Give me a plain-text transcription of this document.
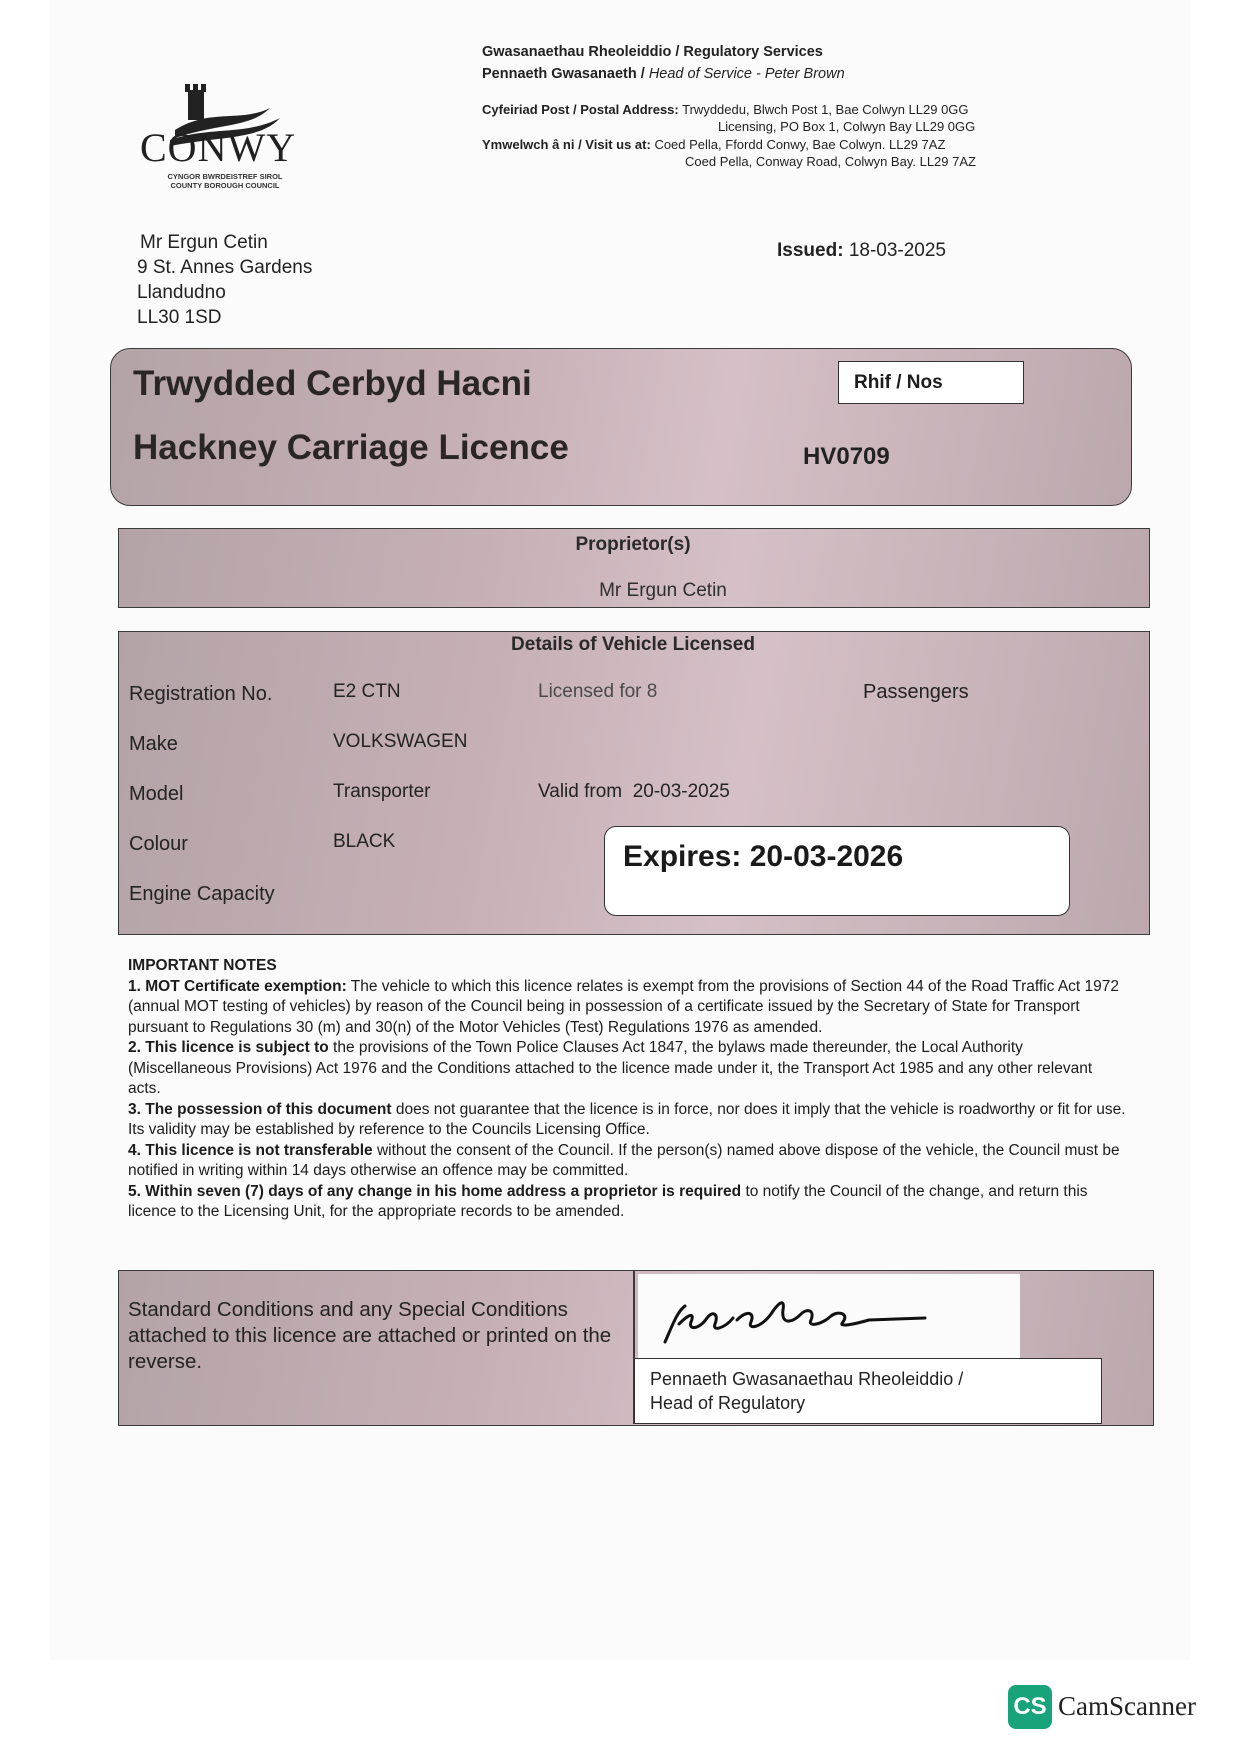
CONWY
CYNGOR BWRDEISTREF SIROL
COUNTY BOROUGH COUNCIL
Gwasanaethau Rheoleiddio / Regulatory Services
Pennaeth Gwasanaeth / Head of Service - Peter Brown
Cyfeiriad Post / Postal Address: Trwyddedu, Blwch Post 1, Bae Colwyn LL29 0GG
Licensing, PO Box 1, Colwyn Bay LL29 0GG
Ymwelwch â ni / Visit us at: Coed Pella, Ffordd Conwy, Bae Colwyn. LL29 7AZ
Coed Pella, Conway Road, Colwyn Bay. LL29 7AZ
Mr Ergun Cetin
9 St. Annes Gardens
Llandudno
LL30 1SD
Issued: 18-03-2025
Trwydded Cerbyd Hacni
Hackney Carriage Licence
Rhif / Nos
HV0709
Proprietor(s)
Mr Ergun Cetin
Details of Vehicle Licensed
Registration No.	E2 CTN	Licensed for 8	Passengers
Make	VOLKSWAGEN
Model	Transporter	Valid from 20-03-2025
Colour	BLACK
Engine Capacity
Expires: 20-03-2026

IMPORTANT NOTES

1. MOT Certificate exemption: The vehicle to which this licence relates is exempt from the provisions of Section 44 of the Road Traffic Act 1972 (annual MOT testing of vehicles) by reason of the Council being in possession of a certificate issued by the Secretary of State for Transport pursuant to Regulations 30 (m) and 30(n) of the Motor Vehicles (Test) Regulations 1976 as amended.

2. This licence is subject to the provisions of the Town Police Clauses Act 1847, the bylaws made thereunder, the Local Authority (Miscellaneous Provisions) Act 1976 and the Conditions attached to the licence made under it, the Transport Act 1985 and any other relevant acts.

3. The possession of this document does not guarantee that the licence is in force, nor does it imply that the vehicle is roadworthy or fit for use. Its validity may be established by reference to the Councils Licensing Office.

4. This licence is not transferable without the consent of the Council. If the person(s) named above dispose of the vehicle, the Council must be notified in writing within 14 days otherwise an offence may be committed.

5. Within seven (7) days of any change in his home address a proprietor is required to notify the Council of the change, and return this licence to the Licensing Unit, for the appropriate records to be amended.

Standard Conditions and any Special Conditions attached to this licence are attached or printed on the reverse.
Pennaeth Gwasanaethau Rheoleiddio /
Head of Regulatory
CS CamScanner
